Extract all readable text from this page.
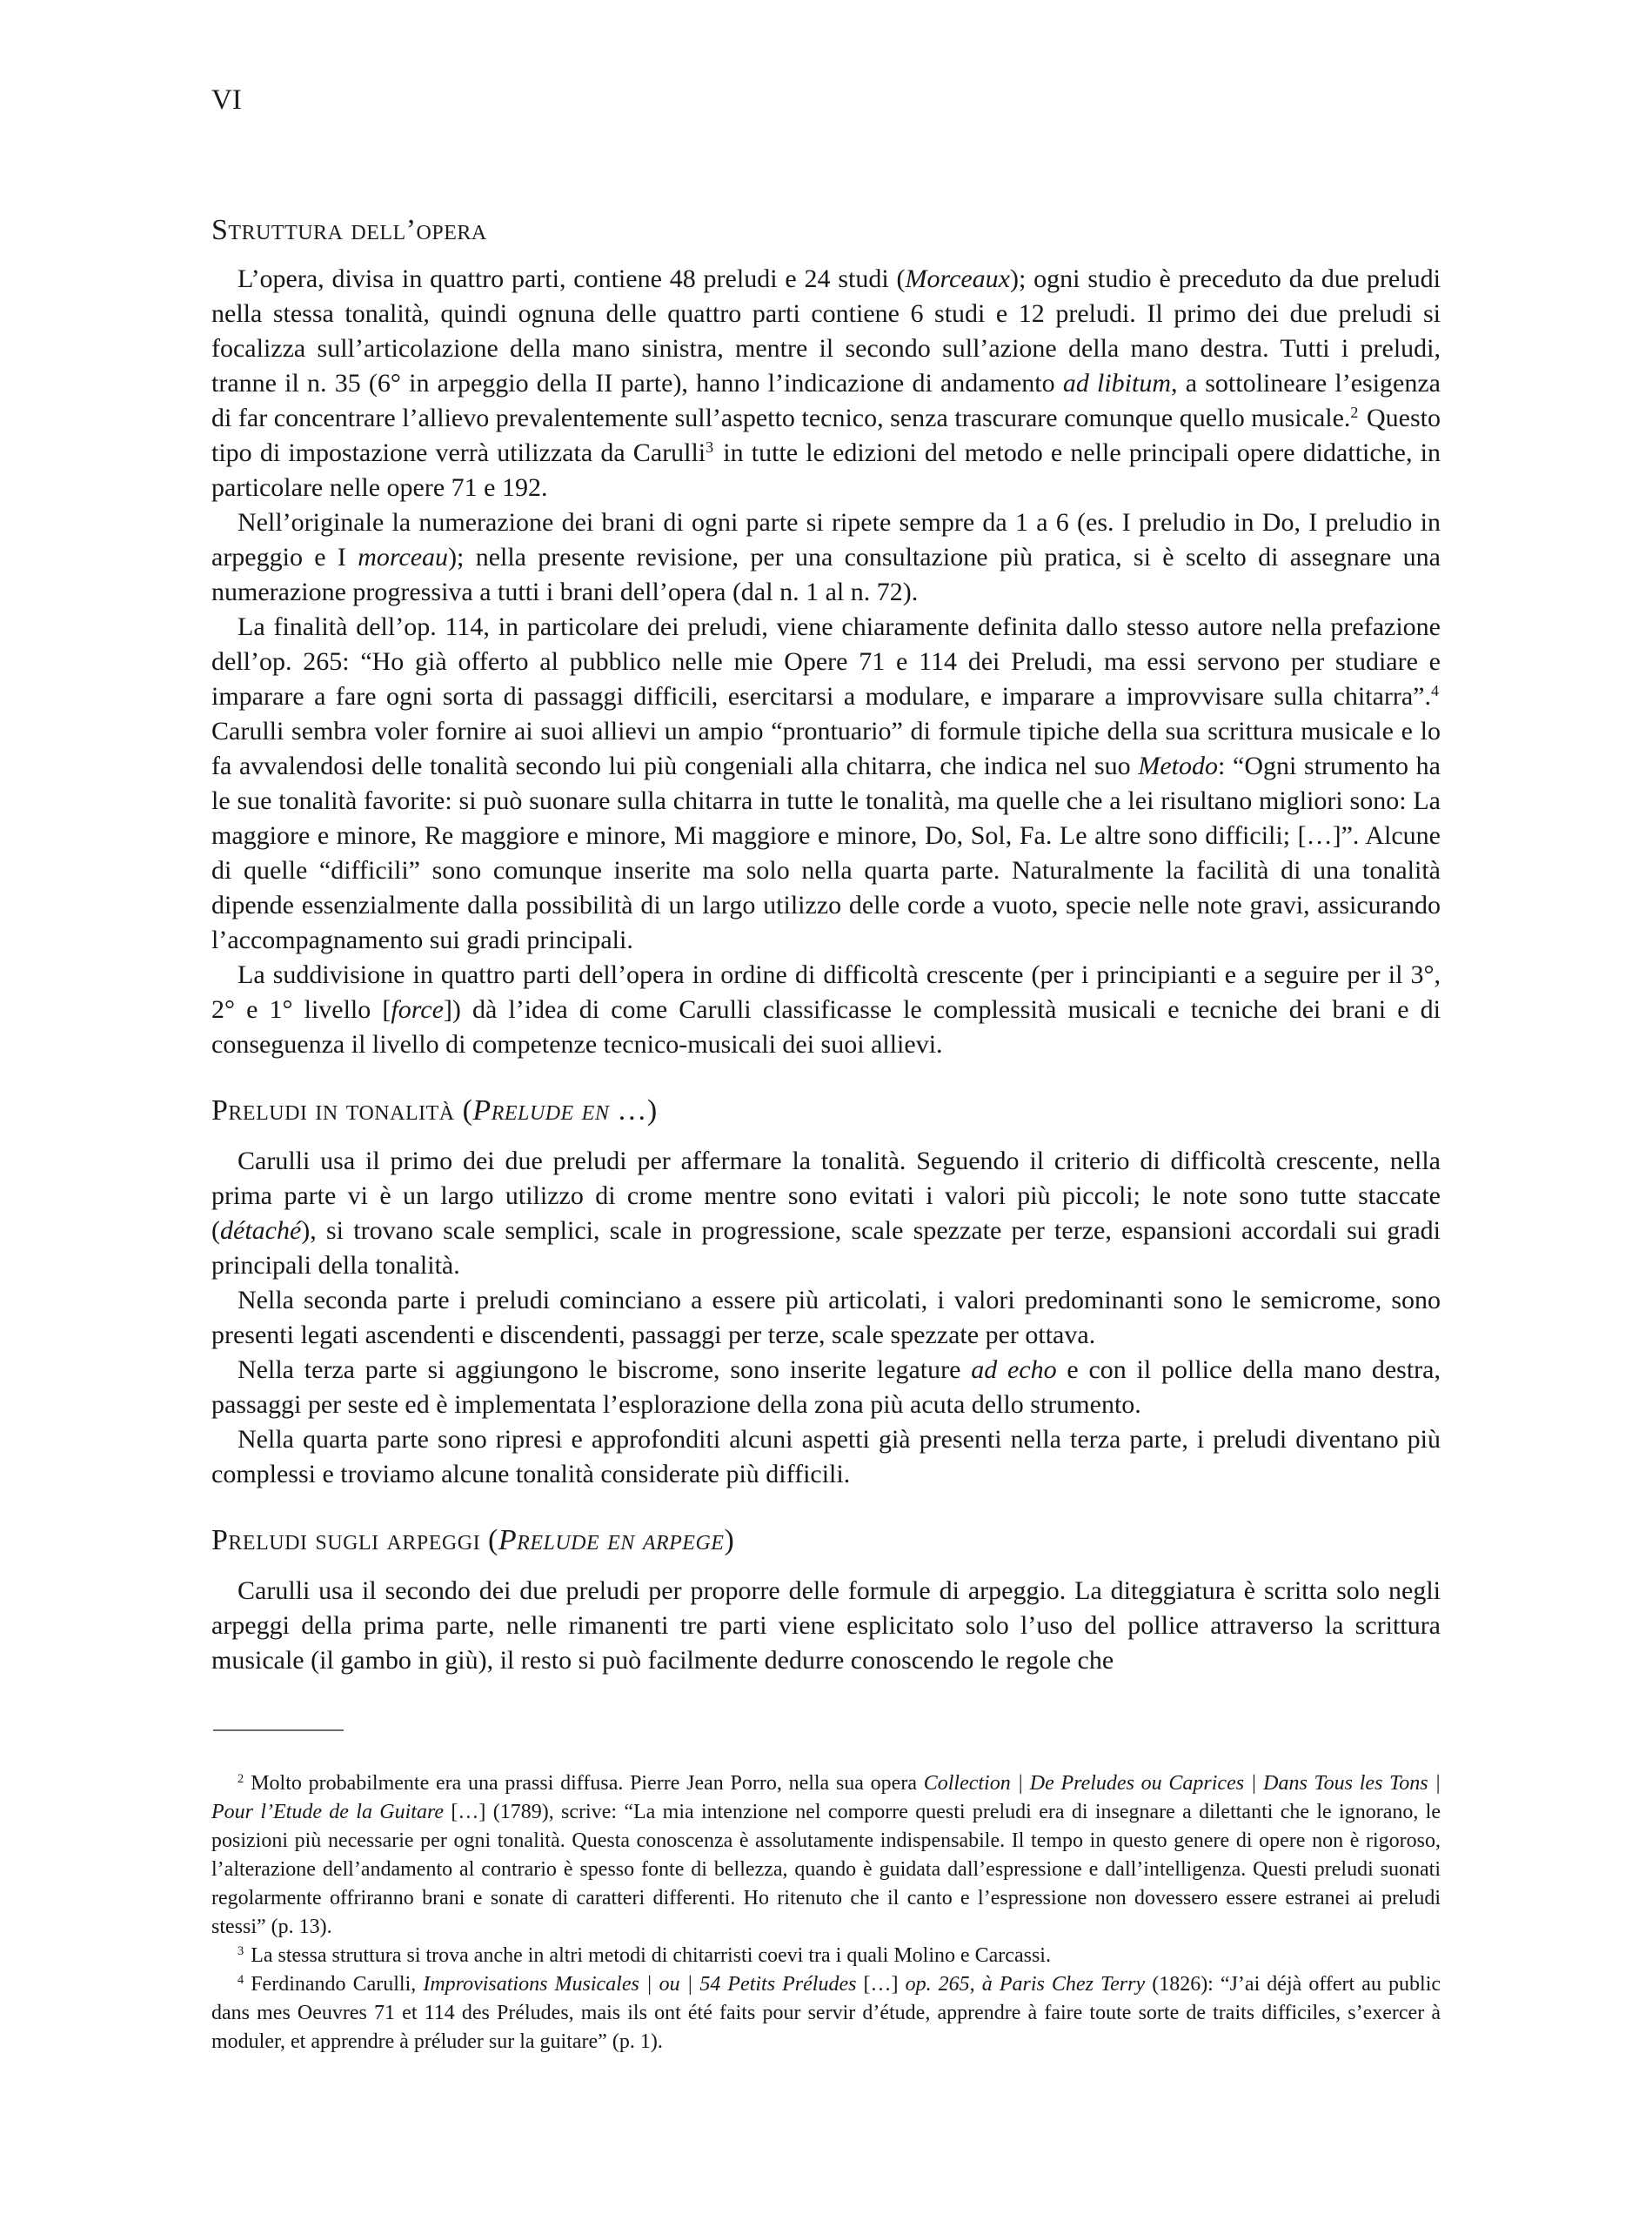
VI
Struttura dell’opera

L’opera, divisa in quattro parti, contiene 48 preludi e 24 studi (Morceaux); ogni studio è preceduto da due preludi nella stessa tonalità, quindi ognuna delle quattro parti contiene 6 studi e 12 preludi. Il primo dei due preludi si focalizza sull’articolazione della mano sinistra, mentre il secondo sull’azione della mano destra. Tutti i preludi, tranne il n. 35 (6° in arpeggio della II parte), hanno l’indicazione di andamento ad libitum, a sottolineare l’esigenza di far concentrare l’allievo prevalentemente sull’aspetto tecnico, senza trascurare comunque quello musicale.$^2$ Questo tipo di impostazione verrà utilizzata da Carulli$^3$ in tutte le edizioni del metodo e nelle principali opere didattiche, in particolare nelle opere 71 e 192.

Nell’originale la numerazione dei brani di ogni parte si ripete sempre da 1 a 6 (es. I preludio in Do, I preludio in arpeggio e I morceau); nella presente revisione, per una consultazione più pratica, si è scelto di assegnare una numerazione progressiva a tutti i brani dell’opera (dal n. 1 al n. 72).

La finalità dell’op. 114, in particolare dei preludi, viene chiaramente definita dallo stesso autore nella prefazione dell’op. 265: “Ho già offerto al pubblico nelle mie Opere 71 e 114 dei Preludi, ma essi servono per studiare e imparare a fare ogni sorta di passaggi difficili, esercitarsi a modulare, e imparare a improvvisare sulla chitarra”.$^4$ Carulli sembra voler fornire ai suoi allievi un ampio “prontuario” di formule tipiche della sua scrittura musicale e lo fa avvalendosi delle tonalità secondo lui più congeniali alla chitarra, che indica nel suo Metodo: “Ogni strumento ha le sue tonalità favorite: si può suonare sulla chitarra in tutte le tonalità, ma quelle che a lei risultano migliori sono: La maggiore e minore, Re maggiore e minore, Mi maggiore e minore, Do, Sol, Fa. Le altre sono difficili; […]”. Alcune di quelle “difficili” sono comunque inserite ma solo nella quarta parte. Naturalmente la facilità di una tonalità dipende essenzialmente dalla possibilità di un largo utilizzo delle corde a vuoto, specie nelle note gravi, assicurando l’accompagnamento sui gradi principali.

La suddivisione in quattro parti dell’opera in ordine di difficoltà crescente (per i principianti e a seguire per il 3°, 2° e 1° livello [force]) dà l’idea di come Carulli classificasse le complessità musicali e tecniche dei brani e di conseguenza il livello di competenze tecnico-musicali dei suoi allievi.

Preludi in tonalità (Prelude en …)

Carulli usa il primo dei due preludi per affermare la tonalità. Seguendo il criterio di difficoltà crescente, nella prima parte vi è un largo utilizzo di crome mentre sono evitati i valori più piccoli; le note sono tutte staccate (détaché), si trovano scale semplici, scale in progressione, scale spezzate per terze, espansioni accordali sui gradi principali della tonalità.

Nella seconda parte i preludi cominciano a essere più articolati, i valori predominanti sono le semicrome, sono presenti legati ascendenti e discendenti, passaggi per terze, scale spezzate per ottava.

Nella terza parte si aggiungono le biscrome, sono inserite legature ad echo e con il pollice della mano destra, passaggi per seste ed è implementata l’esplorazione della zona più acuta dello strumento.

Nella quarta parte sono ripresi e approfonditi alcuni aspetti già presenti nella terza parte, i preludi diventano più complessi e troviamo alcune tonalità considerate più difficili.

Preludi sugli arpeggi (Prelude en arpege)

Carulli usa il secondo dei due preludi per proporre delle formule di arpeggio. La diteggiatura è scritta solo negli arpeggi della prima parte, nelle rimanenti tre parti viene esplicitato solo l’uso del pollice attraverso la scrittura musicale (il gambo in giù), il resto si può facilmente dedurre conoscendo le regole che

$^2$ Molto probabilmente era una prassi diffusa. Pierre Jean Porro, nella sua opera Collection | De Preludes ou Caprices | Dans Tous les Tons | Pour l’Etude de la Guitare […] (1789), scrive: “La mia intenzione nel comporre questi preludi era di insegnare a dilettanti che le ignorano, le posizioni più necessarie per ogni tonalità. Questa conoscenza è assolutamente indispensabile. Il tempo in questo genere di opere non è rigoroso, l’alterazione dell’andamento al contrario è spesso fonte di bellezza, quando è guidata dall’espressione e dall’intelligenza. Questi preludi suonati regolarmente offriranno brani e sonate di caratteri differenti. Ho ritenuto che il canto e l’espressione non dovessero essere estranei ai preludi stessi” (p. 13).

$^3$ La stessa struttura si trova anche in altri metodi di chitarristi coevi tra i quali Molino e Carcassi.

$^4$ Ferdinando Carulli, Improvisations Musicales | ou | 54 Petits Préludes […] op. 265, à Paris Chez Terry (1826): “J’ai déjà offert au public dans mes Oeuvres 71 et 114 des Préludes, mais ils ont été faits pour servir d’étude, apprendre à faire toute sorte de traits difficiles, s’exercer à moduler, et apprendre à préluder sur la guitare” (p. 1).
